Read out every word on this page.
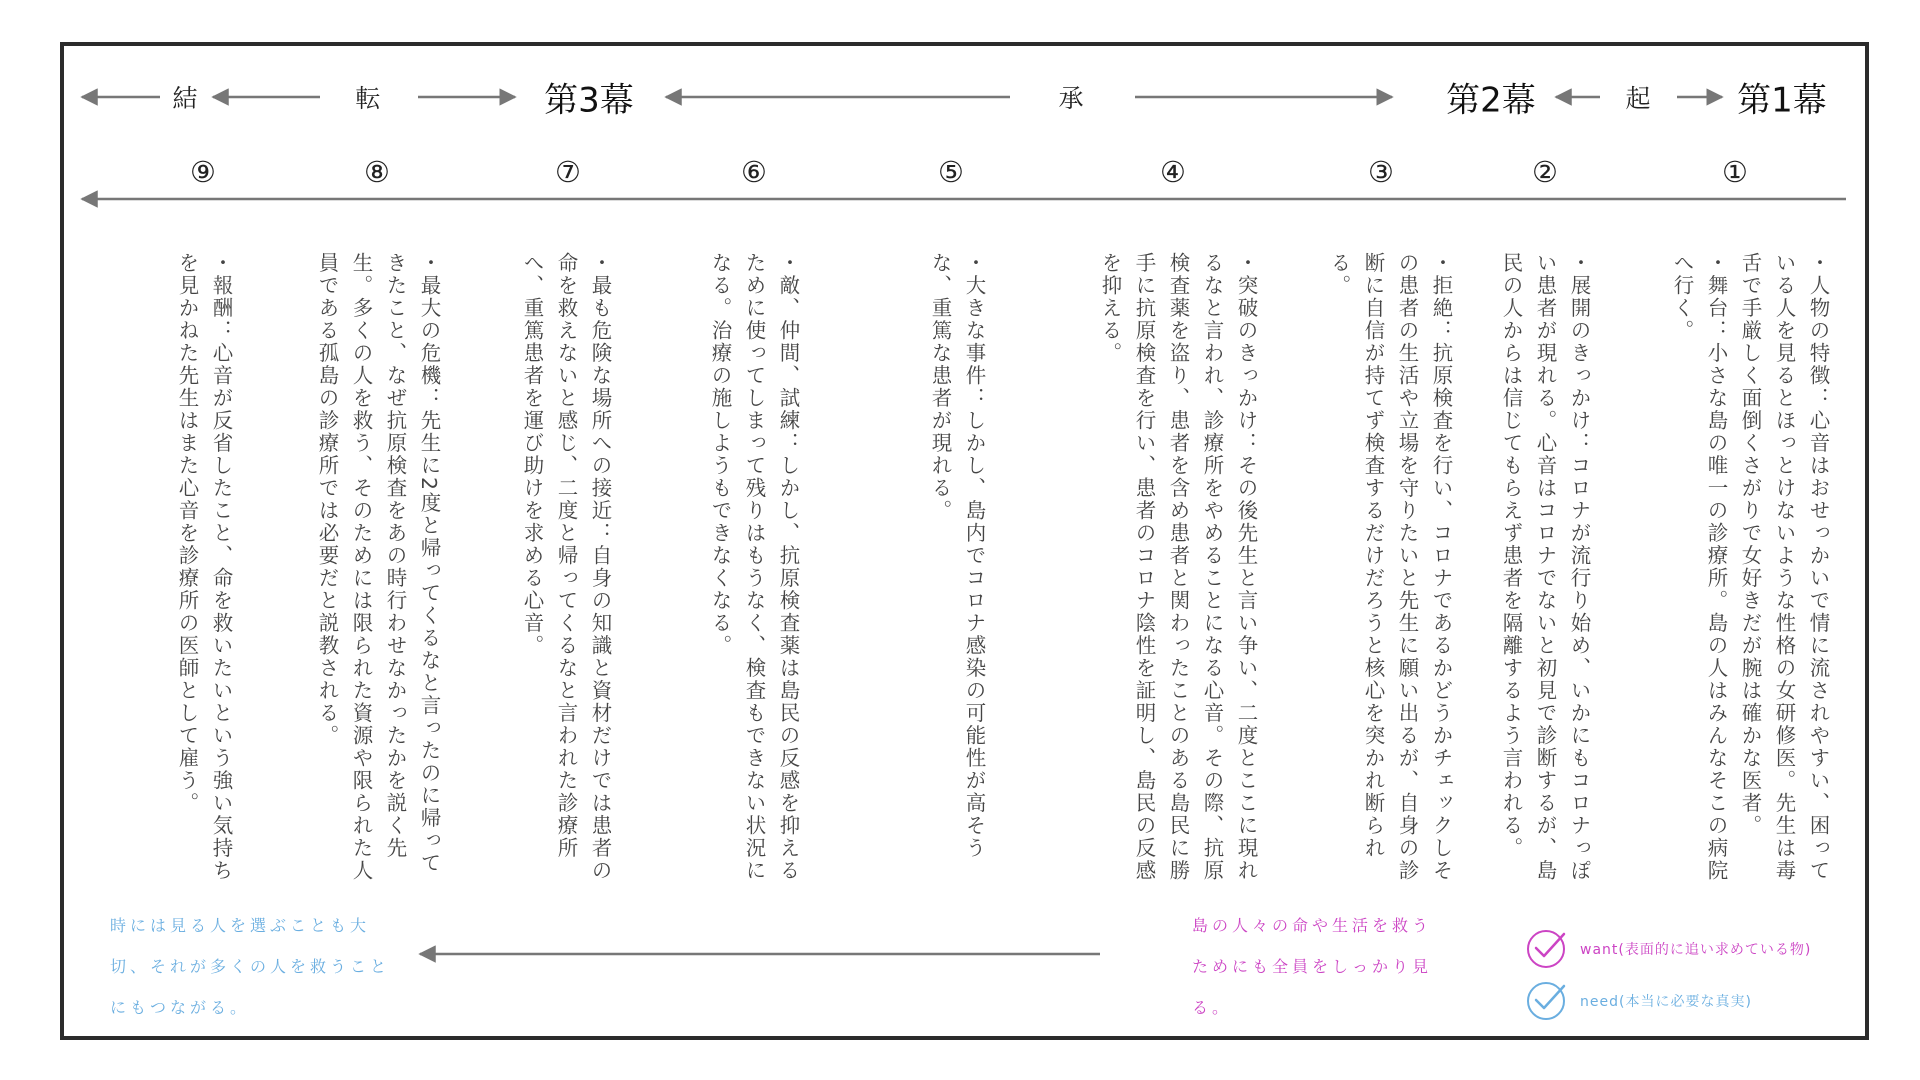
第1幕
起
第2幕
承
第3幕
転
結
①
②
③
④
⑤
⑥
⑦
⑧
⑨
・人物の特徴：心音はおせっかいで情に流されやすい、困っている人を見るとほっとけないような性格の女研修医。先生は毒舌で手厳しく面倒くさがりで女好きだが腕は確かな医者。
・舞台：小さな島の唯一の診療所。島の人はみんなそこの病院へ行く。
・展開のきっかけ：コロナが流行り始め、いかにもコロナっぽい患者が現れる。心音はコロナでないと初見で診断するが、島民の人からは信じてもらえず患者を隔離するよう言われる。
・拒絶：抗原検査を行い、コロナであるかどうかチェックしその患者の生活や立場を守りたいと先生に願い出るが、自身の診断に自信が持てず検査するだけだろうと核心を突かれ断られる。
・突破のきっかけ：その後先生と言い争い、二度とここに現れるなと言われ、診療所をやめることになる心音。その際、抗原検査薬を盗り、患者を含め患者と関わったことのある島民に勝手に抗原検査を行い、患者のコロナ陰性を証明し、島民の反感を抑える。
・大きな事件：しかし、島内でコロナ感染の可能性が高そうな、重篤な患者が現れる。
・敵、仲間、試練：しかし、抗原検査薬は島民の反感を抑えるために使ってしまって残りはもうなく、検査もできない状況になる。治療の施しようもできなくなる。
・最も危険な場所への接近：自身の知識と資材だけでは患者の命を救えないと感じ、二度と帰ってくるなと言われた診療所へ、重篤患者を運び助けを求める心音。
・最大の危機：先生に2度と帰ってくるなと言ったのに帰ってきたこと、なぜ抗原検査をあの時行わせなかったかを説く先生。多くの人を救う、そのためには限られた資源や限られた人員である孤島の診療所では必要だと説教される。
・報酬：心音が反省したこと、命を救いたいという強い気持ちを見かねた先生はまた心音を診療所の医師として雇う。
島の人々の命や生活を救うためにも全員をしっかり見る。
時には見る人を選ぶことも大切、それが多くの人を救うことにもつながる。
want(表面的に追い求めている物)
need(本当に必要な真実)
